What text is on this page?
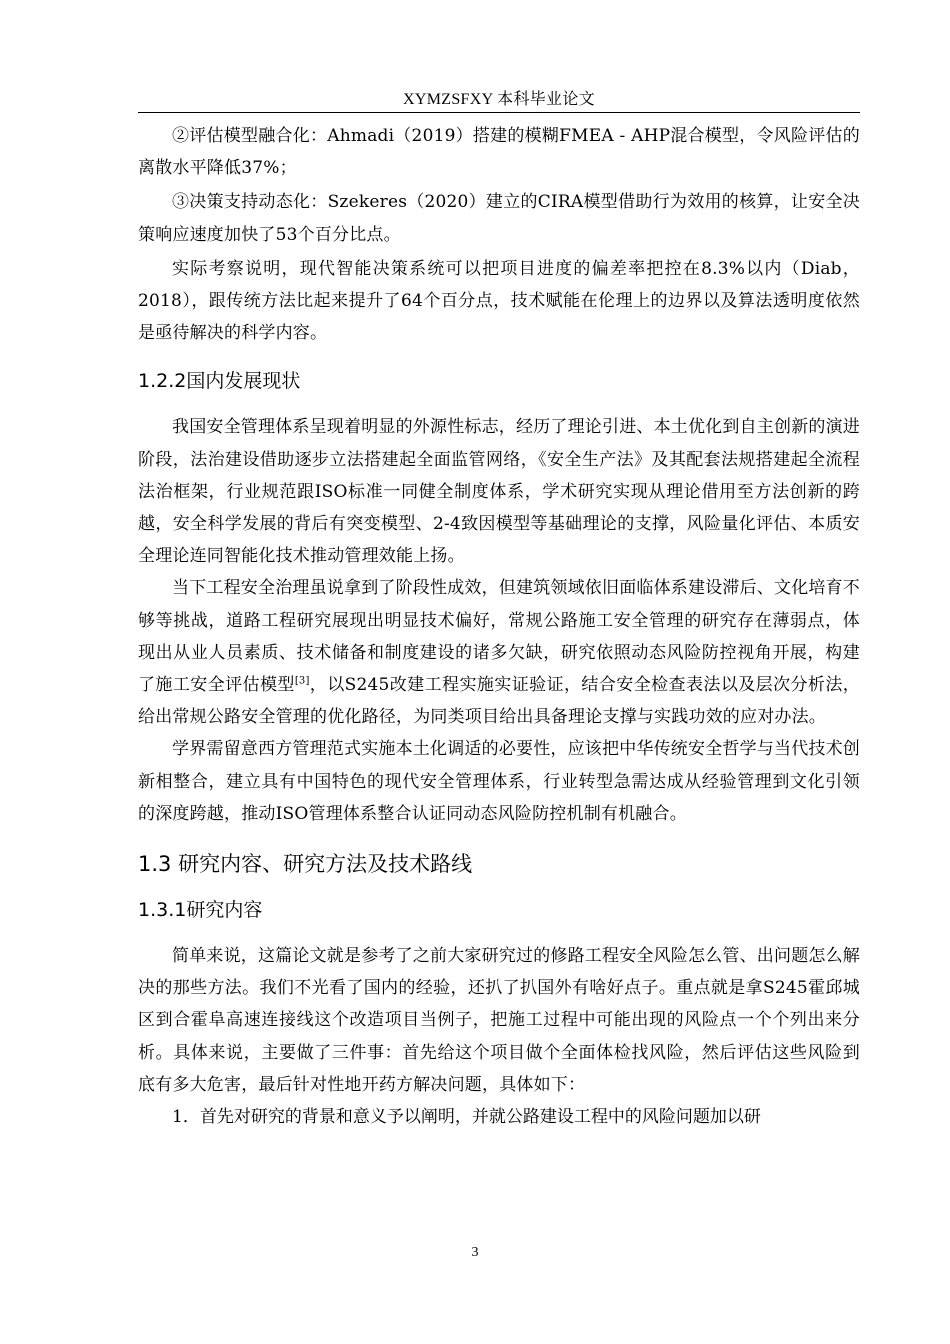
XYMZSFXY 本科毕业论文

②评估模型融合化：Ahmadi（2019）搭建的模糊FMEA - AHP混合模型，令风险评估的离散水平降低37%；

③决策支持动态化：Szekeres（2020）建立的CIRA模型借助行为效用的核算，让安全决策响应速度加快了53个百分比点。

实际考察说明，现代智能决策系统可以把项目进度的偏差率把控在8.3%以内（Diab，2018），跟传统方法比起来提升了64个百分点，技术赋能在伦理上的边界以及算法透明度依然是亟待解决的科学内容。

1.2.2国内发展现状

我国安全管理体系呈现着明显的外源性标志，经历了理论引进、本土优化到自主创新的演进阶段，法治建设借助逐步立法搭建起全面监管网络，《安全生产法》及其配套法规搭建起全流程法治框架，行业规范跟ISO标准一同健全制度体系，学术研究实现从理论借用至方法创新的跨越，安全科学发展的背后有突变模型、2-4致因模型等基础理论的支撑，风险量化评估、本质安全理论连同智能化技术推动管理效能上扬。

当下工程安全治理虽说拿到了阶段性成效，但建筑领域依旧面临体系建设滞后、文化培育不够等挑战，道路工程研究展现出明显技术偏好，常规公路施工安全管理的研究存在薄弱点，体现出从业人员素质、技术储备和制度建设的诸多欠缺，研究依照动态风险防控视角开展，构建了施工安全评估模型[3]，以S245改建工程实施实证验证，结合安全检查表法以及层次分析法，给出常规公路安全管理的优化路径，为同类项目给出具备理论支撑与实践功效的应对办法。

学界需留意西方管理范式实施本土化调适的必要性，应该把中华传统安全哲学与当代技术创新相整合，建立具有中国特色的现代安全管理体系，行业转型急需达成从经验管理到文化引领的深度跨越，推动ISO管理体系整合认证同动态风险防控机制有机融合。

1.3 研究内容、研究方法及技术路线
1.3.1研究内容

简单来说，这篇论文就是参考了之前大家研究过的修路工程安全风险怎么管、出问题怎么解决的那些方法。我们不光看了国内的经验，还扒了扒国外有啥好点子。重点就是拿S245霍邱城区到合霍阜高速连接线这个改造项目当例子，把施工过程中可能出现的风险点一个个列出来分析。具体来说，主要做了三件事：首先给这个项目做个全面体检找风险，然后评估这些风险到底有多大危害，最后针对性地开药方解决问题，具体如下：

1．首先对研究的背景和意义予以阐明，并就公路建设工程中的风险问题加以研

3
